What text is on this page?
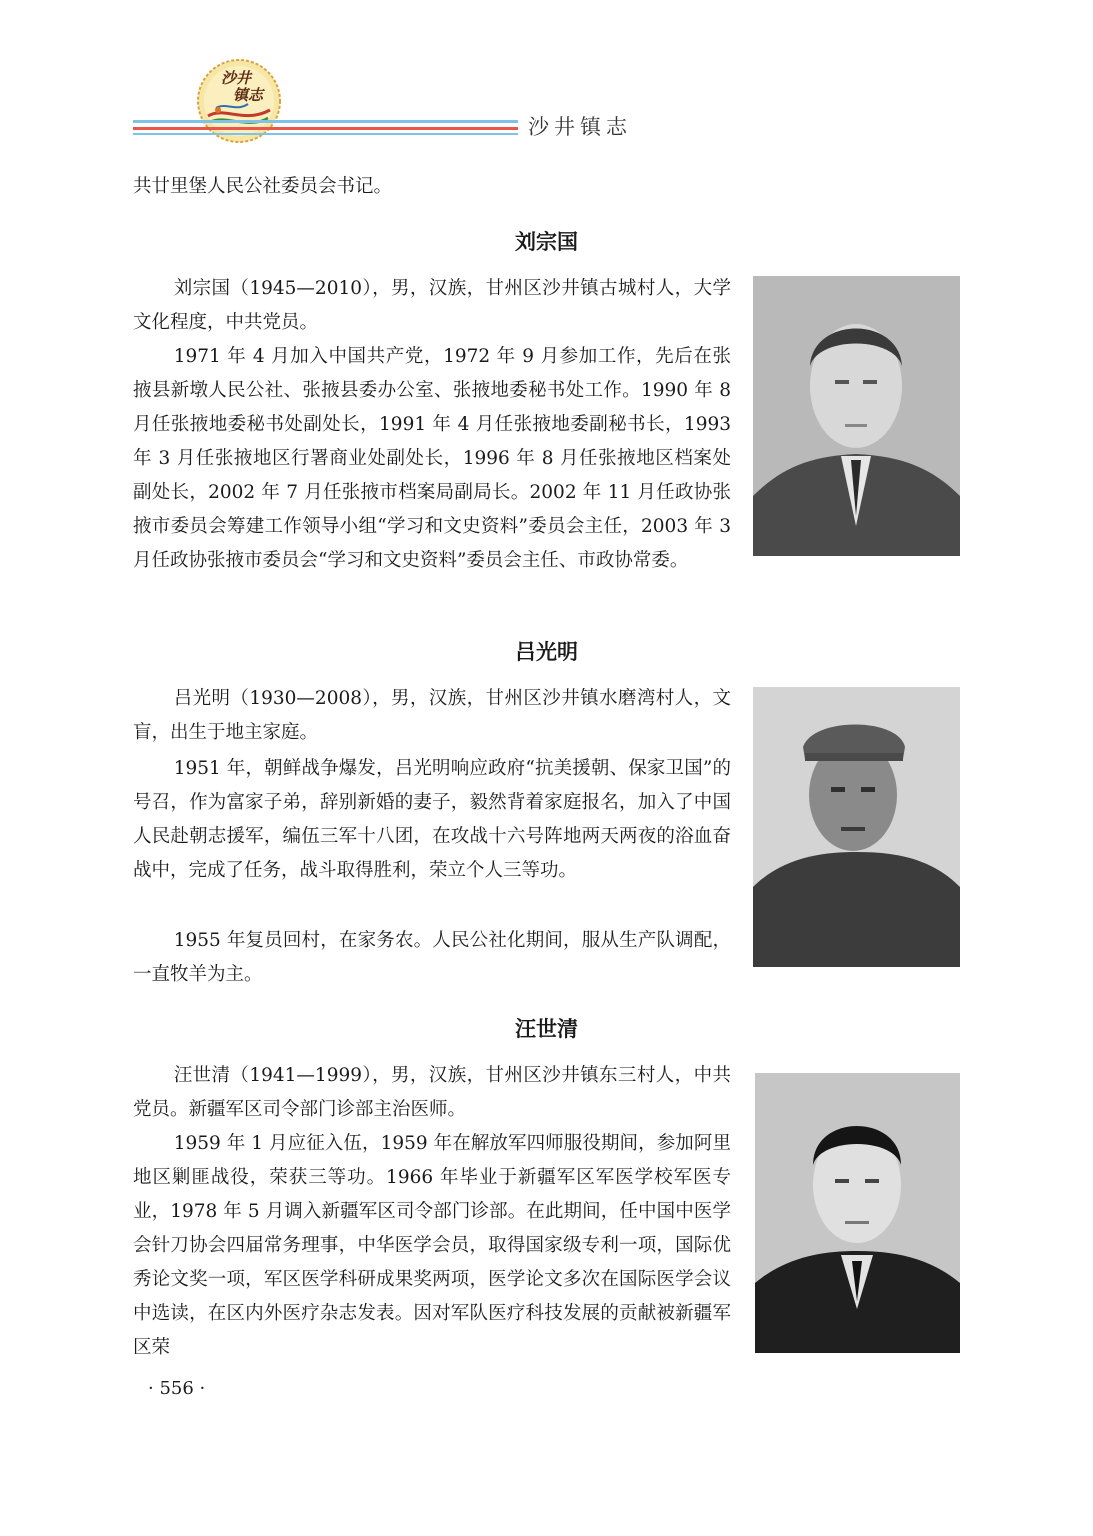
沙井
镇志
沙井镇志

共廿里堡人民公社委员会书记。

刘宗国

刘宗国（1945—2010），男，汉族，甘州区沙井镇古城村人，大学文化程度，中共党员。

1971 年 4 月加入中国共产党，1972 年 9 月参加工作，先后在张掖县新墩人民公社、张掖县委办公室、张掖地委秘书处工作。1990 年 8 月任张掖地委秘书处副处长，1991 年 4 月任张掖地委副秘书长，1993 年 3 月任张掖地区行署商业处副处长，1996 年 8 月任张掖地区档案处副处长，2002 年 7 月任张掖市档案局副局长。2002 年 11 月任政协张掖市委员会筹建工作领导小组“学习和文史资料”委员会主任，2003 年 3 月任政协张掖市委员会“学习和文史资料”委员会主任、市政协常委。

吕光明

吕光明（1930—2008），男，汉族，甘州区沙井镇水磨湾村人，文盲，出生于地主家庭。

1951 年，朝鲜战争爆发，吕光明响应政府“抗美援朝、保家卫国”的号召，作为富家子弟，辞别新婚的妻子，毅然背着家庭报名，加入了中国人民赴朝志援军，编伍三军十八团，在攻战十六号阵地两天两夜的浴血奋战中，完成了任务，战斗取得胜利，荣立个人三等功。

1955 年复员回村，在家务农。人民公社化期间，服从生产队调配，一直牧羊为主。

汪世清

汪世清（1941—1999），男，汉族，甘州区沙井镇东三村人，中共党员。新疆军区司令部门诊部主治医师。

1959 年 1 月应征入伍，1959 年在解放军四师服役期间，参加阿里地区剿匪战役，荣获三等功。1966 年毕业于新疆军区军医学校军医专业，1978 年 5 月调入新疆军区司令部门诊部。在此期间，任中国中医学会针刀协会四届常务理事，中华医学会员，取得国家级专利一项，国际优秀论文奖一项，军区医学科研成果奖两项，医学论文多次在国际医学会议中选读，在区内外医疗杂志发表。因对军队医疗科技发展的贡献被新疆军区荣

· 556 ·
